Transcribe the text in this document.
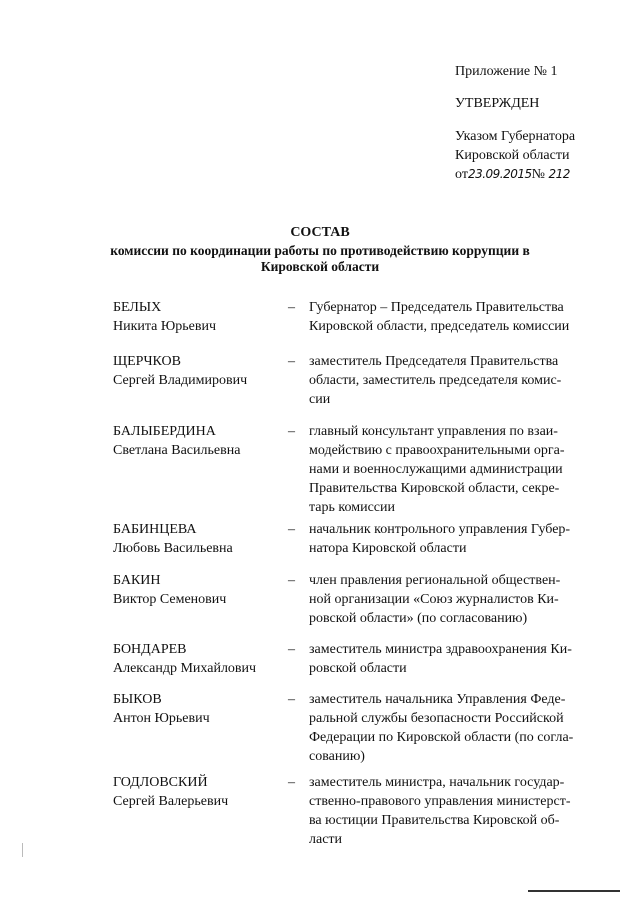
Приложение № 1
УТВЕРЖДЕН
Указом Губернатора
Кировской области
от23.09.2015№ 212
СОСТАВ
комиссии по координации работы по противодействию коррупции в
Кировской области
БЕЛЫХ
Никита Юрьевич
– Губернатор – Председатель Правительства
Кировской области, председатель комиссии
ЩЕРЧКОВ
Сергей Владимирович
– заместитель Председателя Правительства
области, заместитель председателя комис-
сии
БАЛЫБЕРДИНА
Светлана Васильевна
– главный консультант управления по взаи-
модействию с правоохранительными орга-
нами и военнослужащими администрации
Правительства Кировской области, секре-
тарь комиссии
БАБИНЦЕВА
Любовь Васильевна
– начальник контрольного управления Губер-
натора Кировской области
БАКИН
Виктор Семенович
– член правления региональной обществен-
ной организации «Союз журналистов Ки-
ровской области» (по согласованию)
БОНДАРЕВ
Александр Михайлович
– заместитель министра здравоохранения Ки-
ровской области
БЫКОВ
Антон Юрьевич
– заместитель начальника Управления Феде-
ральной службы безопасности Российской
Федерации по Кировской области (по согла-
сованию)
ГОДЛОВСКИЙ
Сергей Валерьевич
– заместитель министра, начальник государ-
ственно-правового управления министерст-
ва юстиции Правительства Кировской об-
ласти
